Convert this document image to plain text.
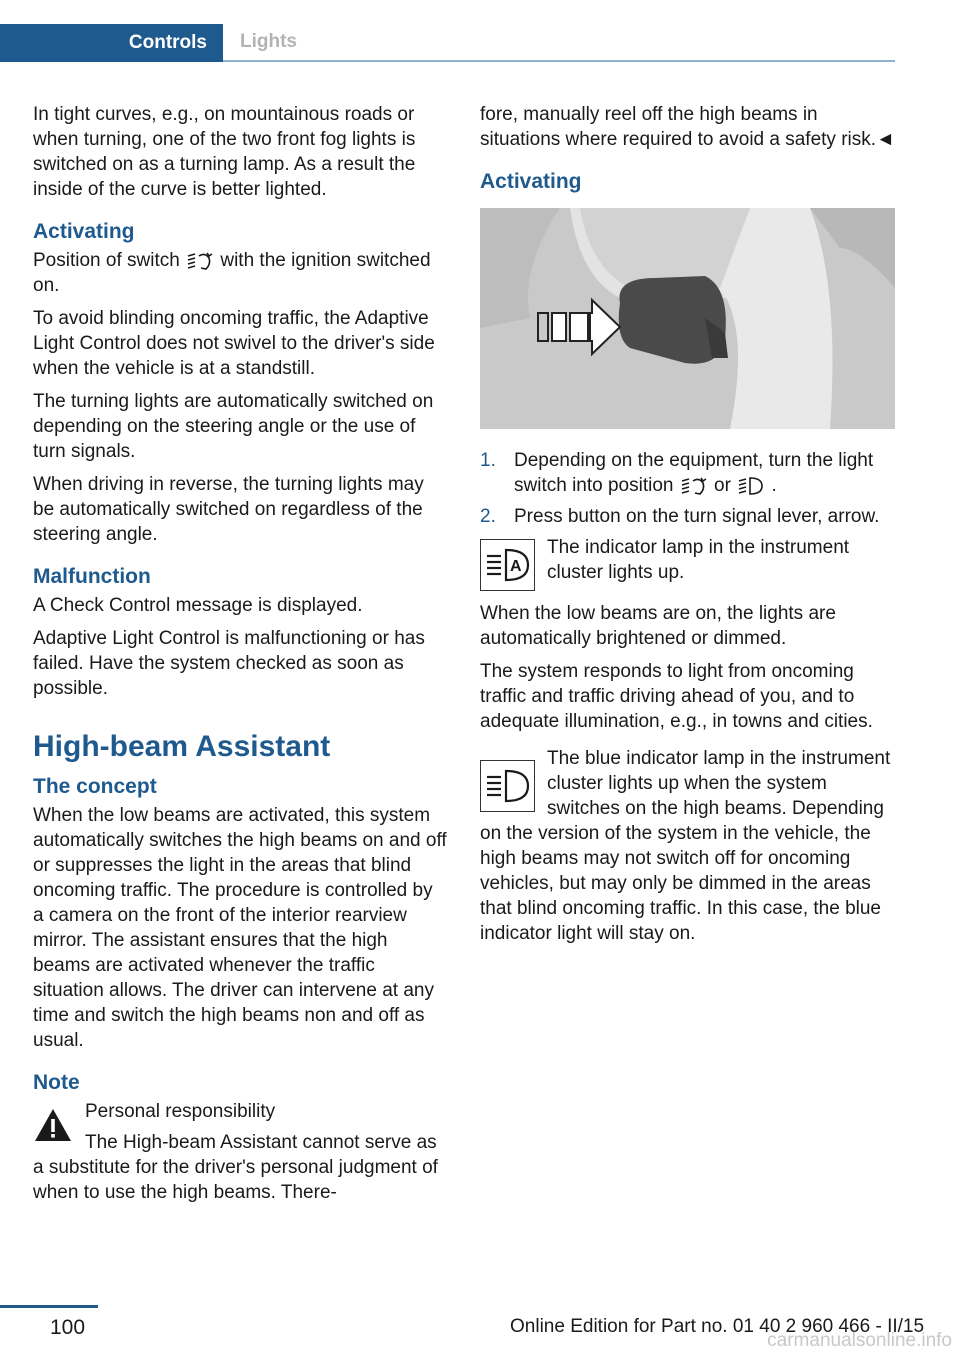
Controls	Lights

In tight curves, e.g., on mountainous roads or when turning, one of the two front fog lights is switched on as a turning lamp. As a result the inside of the curve is better lighted.

Activating

Position of switch with the ignition switched on.

To avoid blinding oncoming traffic, the Adaptive Light Control does not swivel to the driver's side when the vehicle is at a standstill.

The turning lights are automatically switched on depending on the steering angle or the use of turn signals.

When driving in reverse, the turning lights may be automatically switched on regardless of the steering angle.

Malfunction

A Check Control message is displayed.

Adaptive Light Control is malfunctioning or has failed. Have the system checked as soon as possible.

High-beam Assistant
The concept

When the low beams are activated, this system automatically switches the high beams on and off or suppresses the light in the areas that blind oncoming traffic. The procedure is controlled by a camera on the front of the interior rearview mirror. The assistant ensures that the high beams are activated whenever the traffic situation allows. The driver can intervene at any time and switch the high beams non and off as usual.

Note

Personal responsibility

The High-beam Assistant cannot serve as a substitute for the driver's personal judgment of when to use the high beams. There-

fore, manually reel off the high beams in situations where required to avoid a safety risk.◄

Activating
1. Depending on the equipment, turn the light switch into position or .
2. Press button on the turn signal lever, arrow.
A

The indicator lamp in the instrument cluster lights up.

When the low beams are on, the lights are automatically brightened or dimmed.

The system responds to light from oncoming traffic and traffic driving ahead of you, and to adequate illumination, e.g., in towns and cities.

The blue indicator lamp in the instrument cluster lights up when the system switches on the high beams. Depending on the version of the system in the vehicle, the high beams may not switch off for oncoming vehicles, but may only be dimmed in the areas that blind oncoming traffic. In this case, the blue indicator light will stay on.

100	Online Edition for Part no. 01 40 2 960 466 - II/15
carmanualsonline.info
